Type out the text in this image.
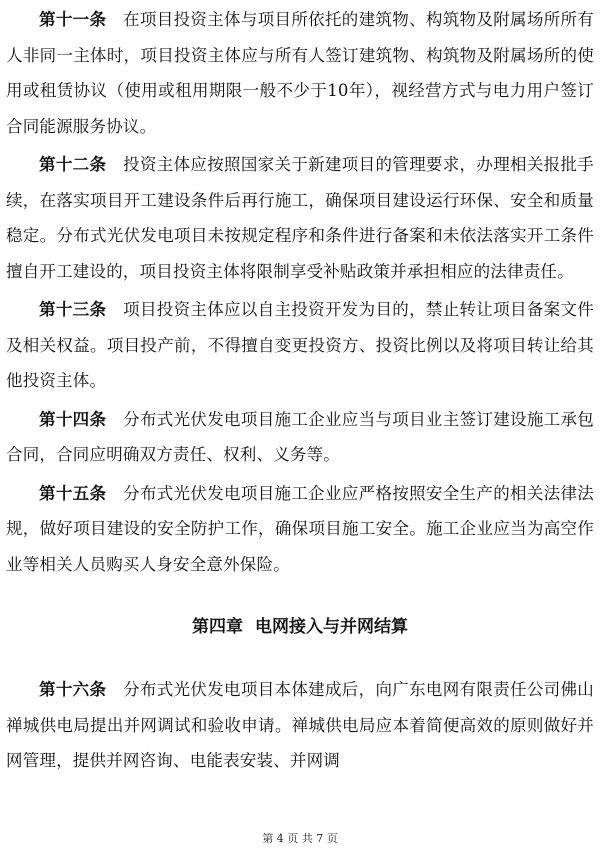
第十一条　 在项目投资主体与项目所依托的建筑物、构筑物及附属场所所有人非同一主体时，项目投资主体应与所有人签订建筑物、构筑物及附属场所的使用或租赁协议（使用或租用期限一般不少于10年），视经营方式与电力用户签订合同能源服务协议。

第十二条　 投资主体应按照国家关于新建项目的管理要求，办理相关报批手续，在落实项目开工建设条件后再行施工，确保项目建设运行环保、安全和质量稳定。分布式光伏发电项目未按规定程序和条件进行备案和未依法落实开工条件擅自开工建设的，项目投资主体将限制享受补贴政策并承担相应的法律责任。

第十三条　 项目投资主体应以自主投资开发为目的，禁止转让项目备案文件及相关权益。项目投产前，不得擅自变更投资方、投资比例以及将项目转让给其他投资主体。

第十四条　 分布式光伏发电项目施工企业应当与项目业主签订建设施工承包合同，合同应明确双方责任、权利、义务等。

第十五条　 分布式光伏发电项目施工企业应严格按照安全生产的相关法律法规，做好项目建设的安全防护工作，确保项目施工安全。施工企业应当为高空作业等相关人员购买人身安全意外保险。

第四章 电网接入与并网结算

第十六条　 分布式光伏发电项目本体建成后，向广东电网有限责任公司佛山禅城供电局提出并网调试和验收申请。禅城供电局应本着简便高效的原则做好并网管理，提供并网咨询、电能表安装、并网调

第 4 页 共 7 页
